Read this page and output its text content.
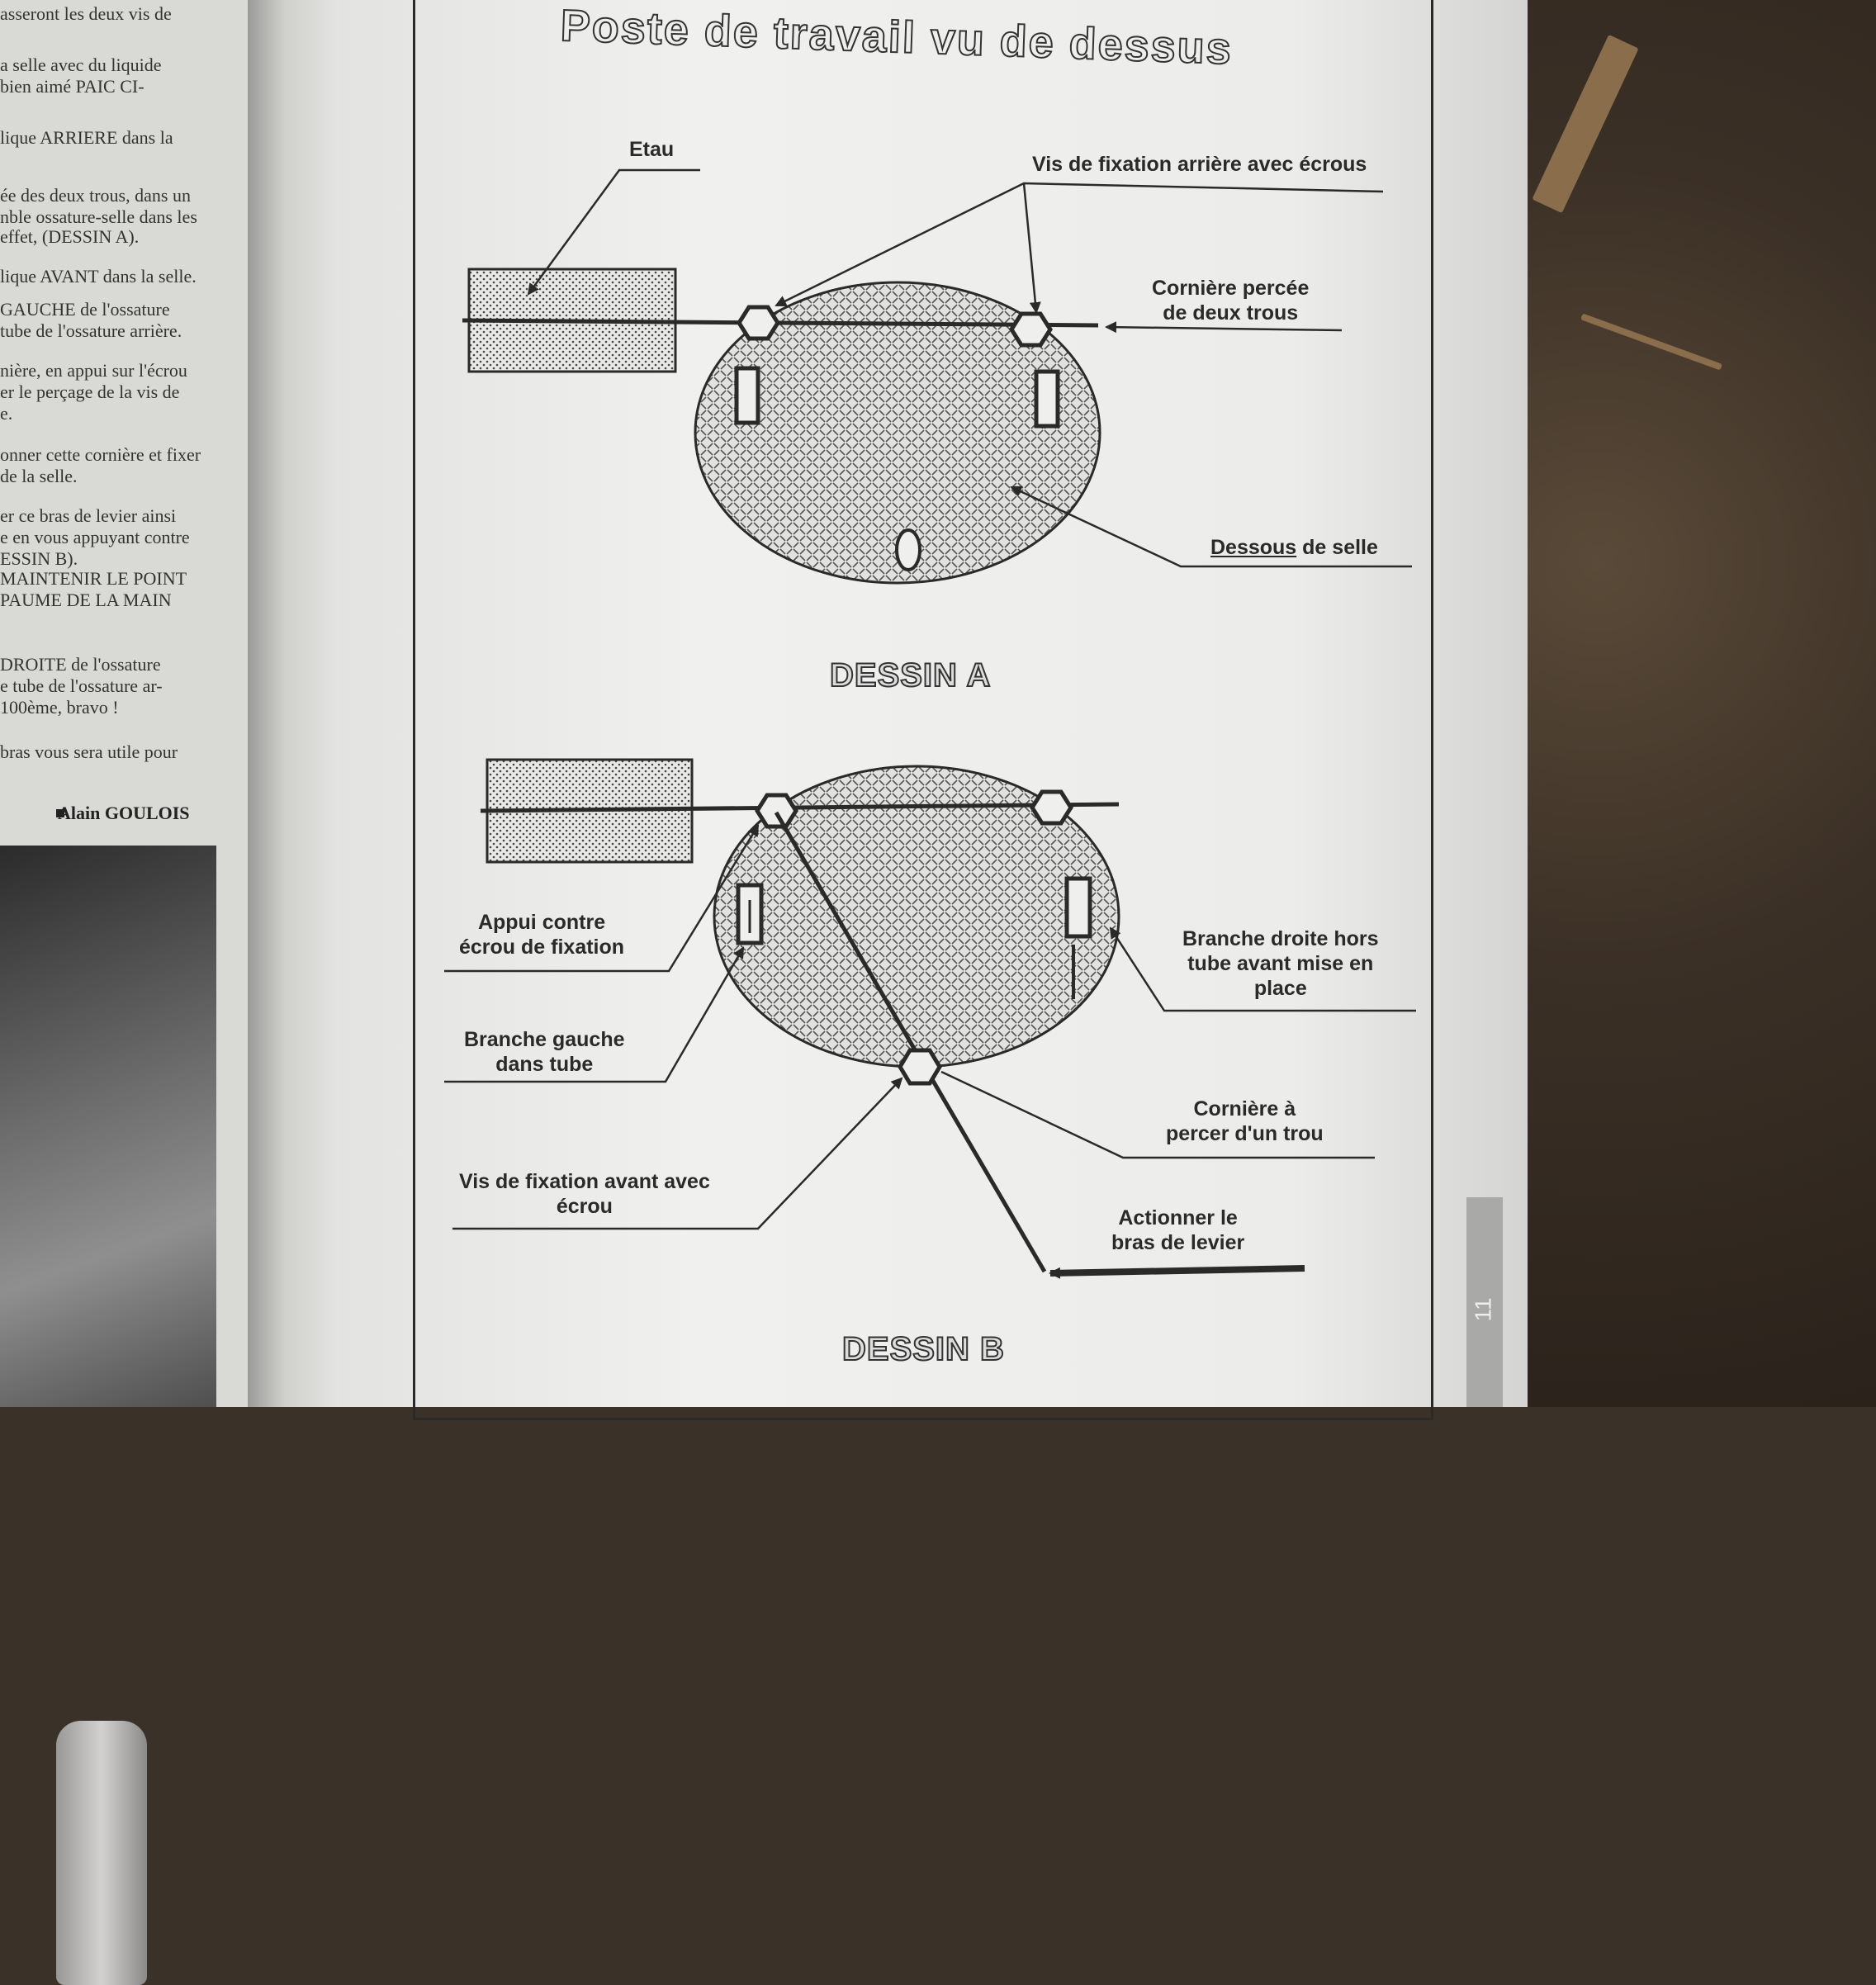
asseront les deux vis de
a selle avec du liquide
bien aimé PAIC CI-
lique ARRIERE dans la
ée des deux trous, dans un
nble ossature-selle dans les
effet, (DESSIN A).
lique AVANT dans la selle.
GAUCHE de l'ossature
tube de l'ossature arrière.
nière, en appui sur l'écrou
er le perçage de la vis de
e.
onner cette cornière et fixer
de la selle.
er ce bras de levier ainsi
e en vous appuyant contre
ESSIN B).
MAINTENIR LE POINT
PAUME DE LA MAIN
DROITE de l'ossature
e tube de l'ossature ar-
100ème, bravo !
bras vous sera utile pour
Alain GOULOIS
11
Poste de travail vu de dessus
Etau
Vis de fixation arrière avec écrous
Cornière percée
de deux trous
Dessous de selle
DESSIN A
Appui contre
écrou de fixation
Branche gauche
dans tube
Vis de fixation avant avec
écrou
Branche droite hors
tube avant mise en
place
Cornière à
percer d'un trou
Actionner le
bras de levier
DESSIN B
